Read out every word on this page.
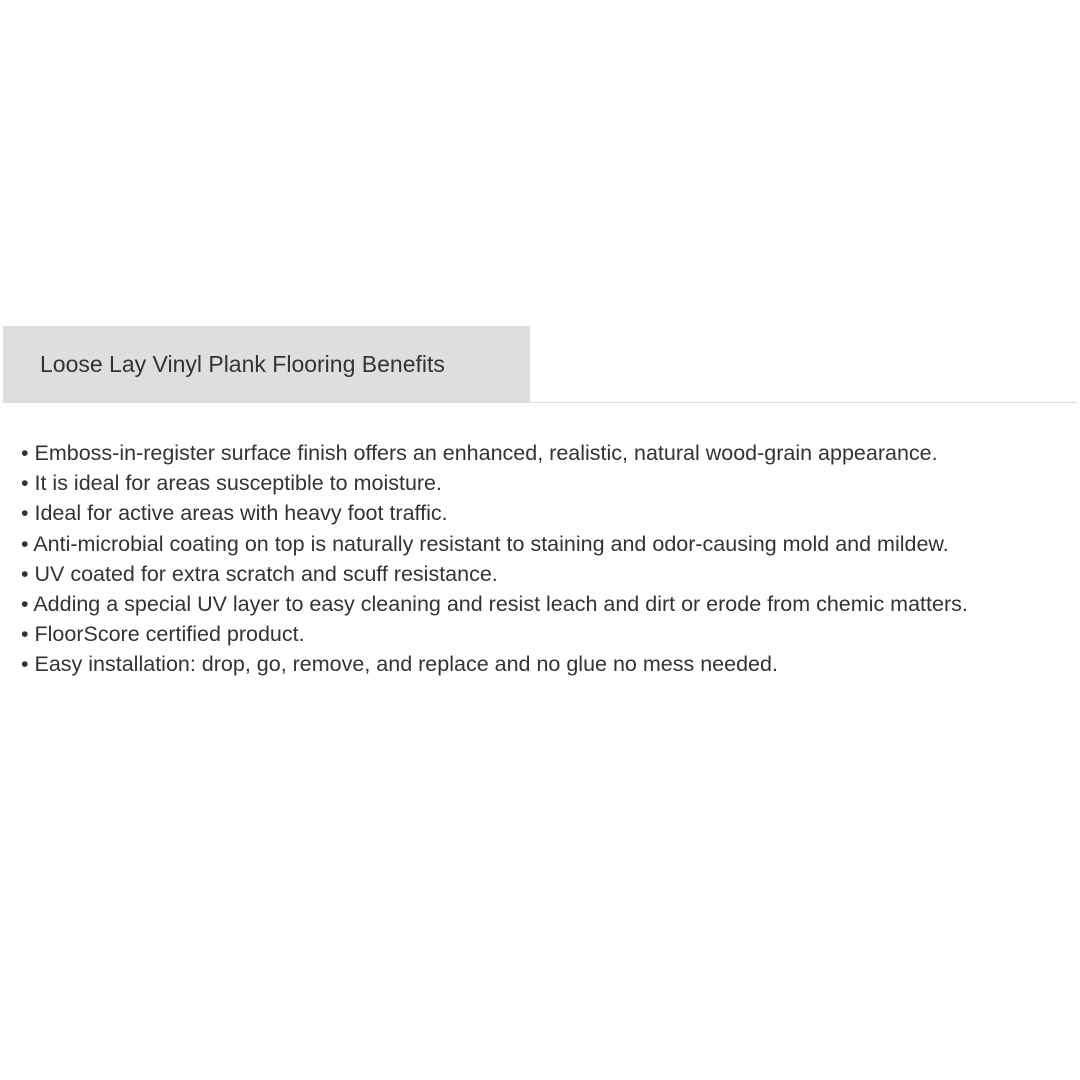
Loose Lay Vinyl Plank Flooring Benefits
• Emboss-in-register surface finish offers an enhanced, realistic, natural wood-grain appearance.
• It is ideal for areas susceptible to moisture.
• Ideal for active areas with heavy foot traffic.
• Anti-microbial coating on top is naturally resistant to staining and odor-causing mold and mildew.
• UV coated for extra scratch and scuff resistance.
• Adding a special UV layer to easy cleaning and resist leach and dirt or erode from chemic matters.
• FloorScore certified product.
• Easy installation: drop, go, remove, and replace and no glue no mess needed.
